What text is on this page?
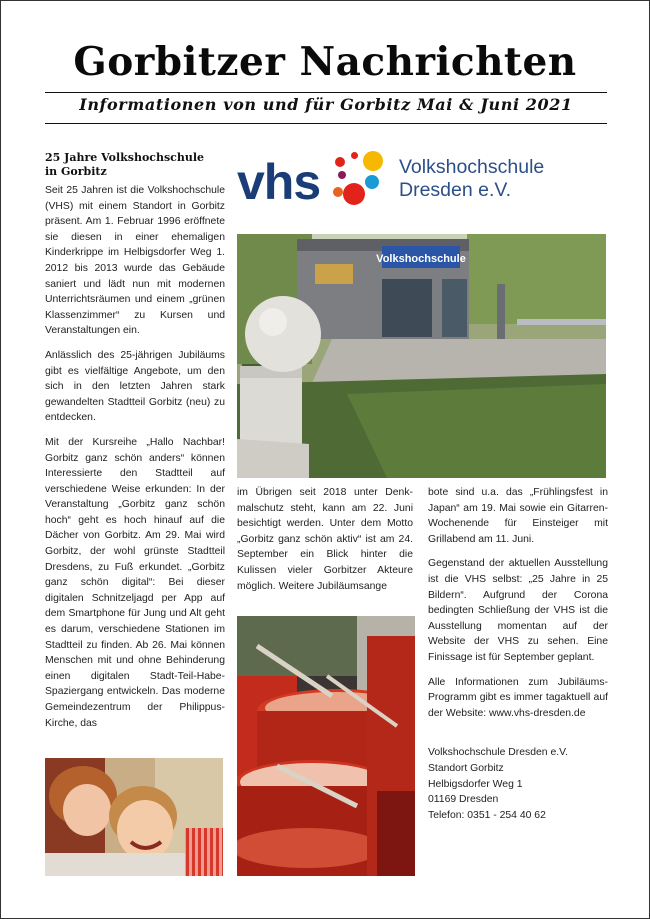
Gorbitzer Nachrichten
Informationen von und für Gorbitz Mai & Juni 2021
25 Jahre Volkshochschule
in Gorbitz

Seit 25 Jahren ist die Volkshochschule (VHS) mit einem Standort in Gorbitz präsent. Am 1. Februar 1996 eröffnete sie diesen in einer ehemaligen Kinderkrippe im Helbigsdorfer Weg 1. 2012 bis 2013 wurde das Gebäude saniert und lädt nun mit modernen Unterrichtsräumen und einem „grünen Klassenzimmer“ zu Kursen und Veranstaltungen ein.

Anlässlich des 25-jährigen Jubiläums gibt es vielfältige Angebote, um den sich in den letzten Jahren stark gewandelten Stadtteil Gorbitz (neu) zu entdecken.

Mit der Kursreihe „Hallo Nachbar! Gorbitz ganz schön anders“ können Interessierte den Stadtteil auf verschiedene Weise erkunden: In der Veranstaltung „Gorbitz ganz schön hoch“ geht es hoch hinauf auf die Dächer von Gorbitz. Am 29. Mai wird Gorbitz, der wohl grünste Stadtteil Dresdens, zu Fuß erkundet. „Gorbitz ganz schön digital“: Bei dieser digitalen Schnitzeljagd per App auf dem Smartphone für Jung und Alt geht es darum, verschiedene Stationen im Stadtteil zu finden. Ab 26. Mai können Menschen mit und ohne Behinderung einen digitalen Stadt-Teil-Habe-Spaziergang entwickeln. Das moderne Gemeindezentrum der Philippus-Kirche, das

vhs	Volkshochschule
Dresden e.V.
Volkshochschule

im Übrigen seit 2018 unter Denkmalschutz steht, kann am 22. Juni besichtigt werden. Unter dem Motto „Gorbitz ganz schön aktiv“ ist am 24. September ein Blick hinter die Kulissen vieler Gorbitzer Akteure möglich. Weitere Jubiläumsange

bote sind u.a. das „Frühlingsfest in Japan“ am 19. Mai sowie ein Gitarren-Wochenende für Einsteiger mit Grillabend am 11. Juni.

Gegenstand der aktuellen Ausstellung ist die VHS selbst: „25 Jahre in 25 Bildern“. Aufgrund der Corona bedingten Schließung der VHS ist die Ausstellung momentan auf der Website der VHS zu sehen. Eine Finissage ist für September geplant.

Alle Informationen zum Jubiläums-Programm gibt es immer tagaktuell auf der Website: www.vhs-dresden.de

Volkshochschule Dresden e.V.
Standort Gorbitz
Helbigsdorfer Weg 1
01169 Dresden
Telefon: 0351 - 254 40 62
